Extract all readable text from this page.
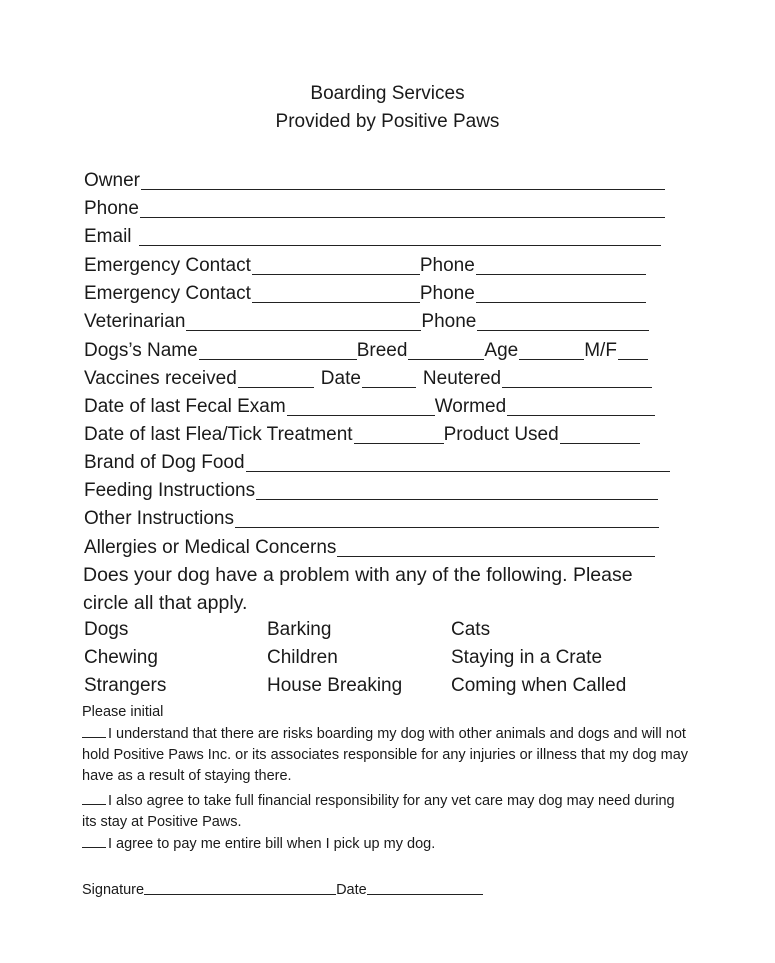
Boarding Services
Provided by Positive Paws
Owner
Phone
Email
Emergency Contact	Phone
Emergency Contact	Phone
Veterinarian	Phone
Dogs’s Name	Breed	Age	M/F
Vaccines received	Date	Neutered
Date of last Fecal Exam	Wormed
Date of last Flea/Tick Treatment	Product Used
Brand of Dog Food
Feeding Instructions
Other Instructions
Allergies or Medical Concerns
Does your dog have a problem with any of the following. Please circle all that apply.
Dogs	Barking	Cats
Chewing	Children	Staying in a Crate
Strangers	House Breaking	Coming when Called
Please initial
I understand that there are risks boarding my dog with other animals and dogs and will not hold Positive Paws Inc. or its associates responsible for any injuries or illness that my dog may have as a result of staying there.
I also agree to take full financial responsibility for any vet care may dog may need during its stay at Positive Paws.
I agree to pay me entire bill when I pick up my dog.
Signature	Date
